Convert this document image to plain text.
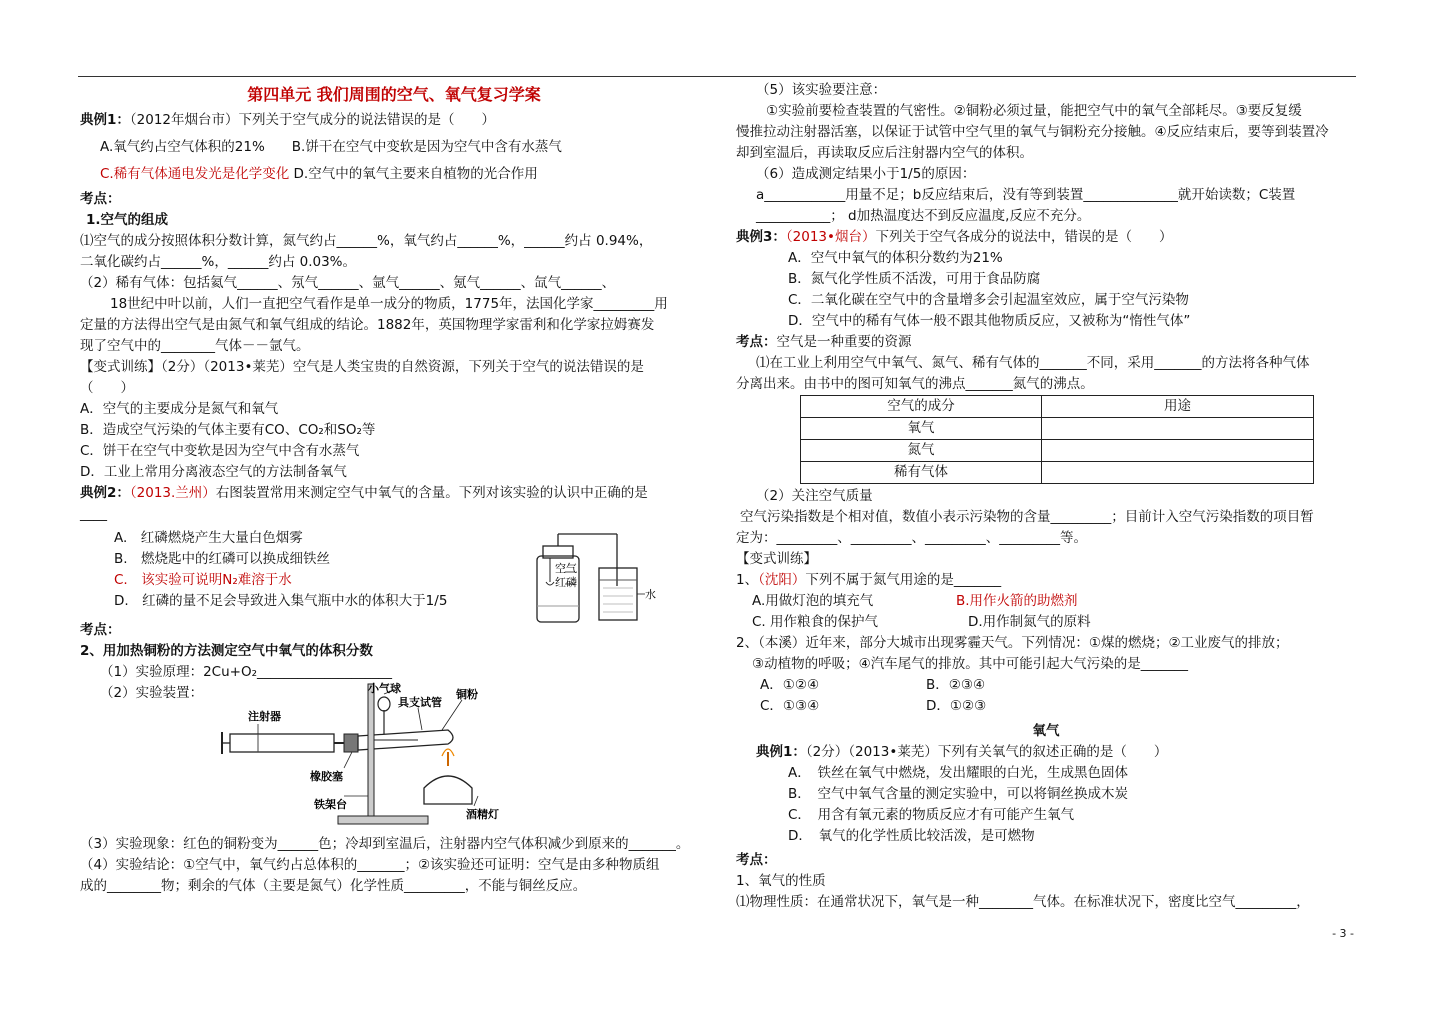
第四单元 我们周围的空气、氧气复习学案
典例1：（2012年烟台市）下列关于空气成分的说法错误的是（　　）
A.氧气约占空气体积的21%　　B.饼干在空气中变软是因为空气中含有水蒸气
C.稀有气体通电发光是化学变化 D.空气中的氧气主要来自植物的光合作用
考点：
1.空气的组成
⑴空气的成分按照体积分数计算，氮气约占______%，氧气约占______%，______约占 0.94%，
二氧化碳约占______%，______约占 0.03%。
（2）稀有气体：包括氦气______、氖气______、氩气______、氪气______、氙气______、
18世纪中叶以前，人们一直把空气看作是单一成分的物质，1775年，法国化学家_________用
定量的方法得出空气是由氮气和氧气组成的结论。1882年，英国物理学家雷利和化学家拉姆赛发
现了空气中的________气体－－氩气。
【变式训练】（2分）（2013•莱芜）空气是人类宝贵的自然资源，下列关于空气的说法错误的是
（　　）
A．空气的主要成分是氮气和氧气
B．造成空气污染的气体主要有CO、CO₂和SO₂等
C．饼干在空气中变软是因为空气中含有水蒸气
D．工业上常用分离液态空气的方法制备氧气
典例2：（2013.兰州）右图装置常用来测定空气中氧气的含量。下列对该实验的认识中正确的是
____
A.　红磷燃烧产生大量白色烟雾
B.　燃烧匙中的红磷可以换成细铁丝
C.　该实验可说明N₂难溶于水
D.　红磷的量不足会导致进入集气瓶中水的体积大于1/5
空气
红磷
水
考点：
2、用加热铜粉的方法测定空气中氧气的体积分数
（1）实验原理：2Cu+O₂____________________
（2）实验装置：
注射器
小气球
具支试管
铜粉
橡胶塞
铁架台
酒精灯
（3）实验现象：红色的铜粉变为______色；冷却到室温后，注射器内空气体积减少到原来的_______。
（4）实验结论：①空气中，氧气约占总体积的_______；②该实验还可证明：空气是由多种物质组
成的________物；剩余的气体（主要是氮气）化学性质_________，不能与铜丝反应。
（5）该实验要注意：
①实验前要检查装置的气密性。②铜粉必须过量，能把空气中的氧气全部耗尽。③要反复缓
慢推拉动注射器活塞，以保证于试管中空气里的氧气与铜粉充分接触。④反应结束后，要等到装置冷
却到室温后，再读取反应后注射器内空气的体积。
（6）造成测定结果小于1/5的原因：
a____________用量不足；b反应结束后，没有等到装置______________就开始读数；C装置
___________； d加热温度达不到反应温度,反应不充分。
典例3：（2013•烟台）下列关于空气各成分的说法中，错误的是（　　）
A．空气中氧气的体积分数约为21%
B．氮气化学性质不活泼，可用于食品防腐
C．二氧化碳在空气中的含量增多会引起温室效应，属于空气污染物
D．空气中的稀有气体一般不跟其他物质反应，又被称为“惰性气体”
考点：空气是一种重要的资源
⑴在工业上利用空气中氧气、氮气、稀有气体的_______不同，采用_______的方法将各种气体
分离出来。由书中的图可知氧气的沸点_______氮气的沸点。
空气的成分	用途
氧气	
氮气	
稀有气体	
（2）关注空气质量
空气污染指数是个相对值，数值小表示污染物的含量_________；目前计入空气污染指数的项目暂
定为：_________、_________、_________、_________等。
【变式训练】
1、（沈阳）下列不属于氮气用途的是_______
A.用做灯泡的填充气	B.用作火箭的助燃剂
C. 用作粮食的保护气	D.用作制氮气的原料
2、（本溪）近年来，部分大城市出现雾霾天气。下列情况：①煤的燃烧；②工业废气的排放；
③动植物的呼吸；④汽车尾气的排放。其中可能引起大气污染的是_______
A．①②④	B．②③④
C．①③④	D．①②③
氧气
典例1：（2分）（2013•莱芜）下列有关氧气的叙述正确的是（　　）
A．　铁丝在氧气中燃烧，发出耀眼的白光，生成黑色固体
B．　空气中氧气含量的测定实验中，可以将铜丝换成木炭
C．　用含有氧元素的物质反应才有可能产生氧气
D．　氧气的化学性质比较活泼，是可燃物
考点：
1、氧气的性质
⑴物理性质：在通常状况下，氧气是一种________气体。在标准状况下，密度比空气_________，
- 3 -
